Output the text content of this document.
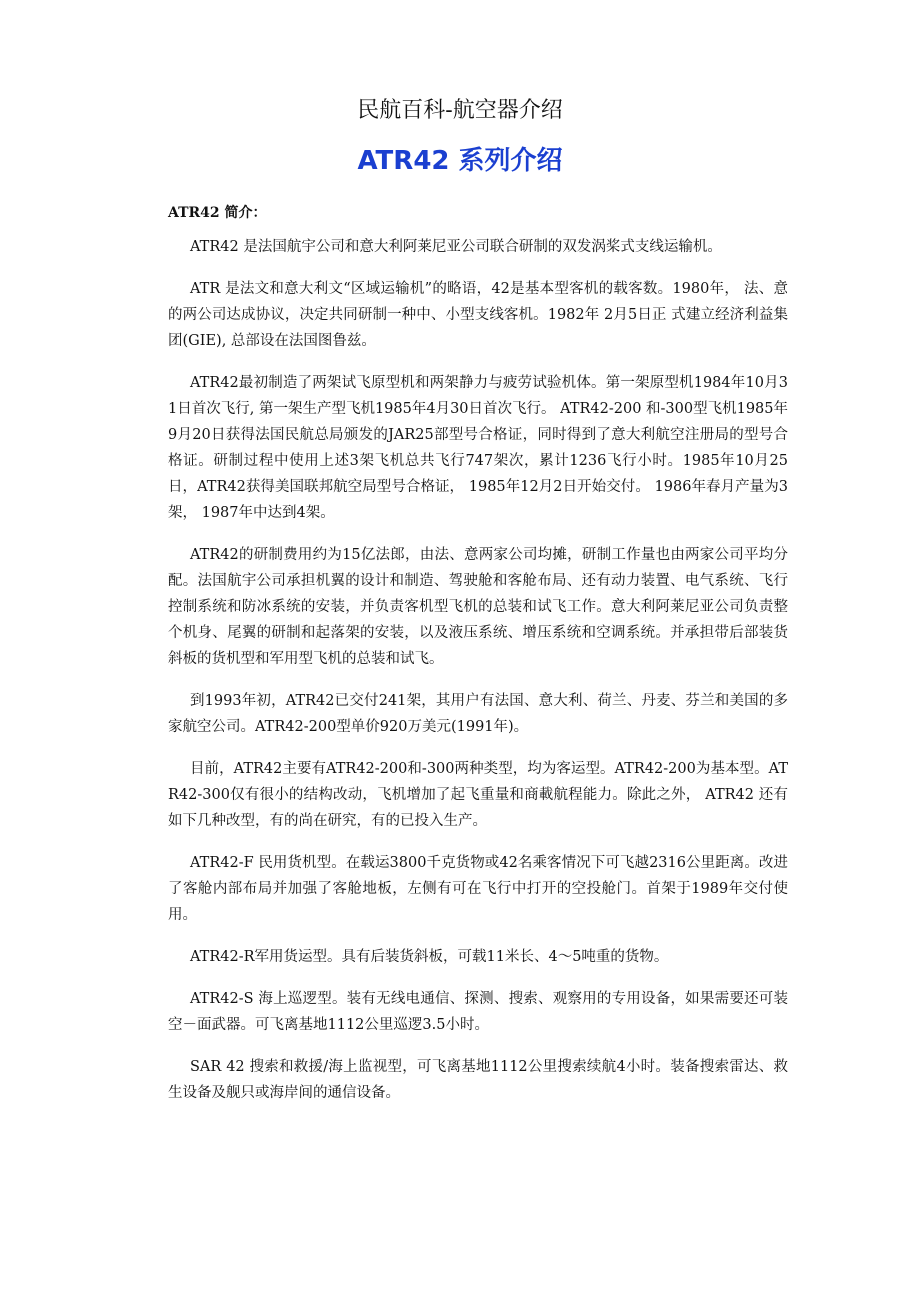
民航百科-航空器介绍
ATR42 系列介绍

ATR42 简介：

ATR42 是法国航宇公司和意大利阿莱尼亚公司联合研制的双发涡桨式支线运输机。

ATR 是法文和意大利文“区域运输机”的略语，42是基本型客机的载客数。1980年， 法、意的两公司达成协议，决定共同研制一种中、小型支线客机。1982年 2月5日正 式建立经济利益集团(GIE), 总部设在法国图鲁兹。

ATR42最初制造了两架试飞原型机和两架静力与疲劳试验机体。第一架原型机1984年10月31日首次飞行, 第一架生产型飞机1985年4月30日首次飞行。 ATR42-200 和-300型飞机1985年9月20日获得法国民航总局颁发的JAR25部型号合格证，同时得到了意大利航空注册局的型号合格证。研制过程中使用上述3架飞机总共飞行747架次，累计1236飞行小时。1985年10月25日，ATR42获得美国联邦航空局型号合格证， 1985年12月2日开始交付。 1986年春月产量为3架， 1987年中达到4架。

ATR42的研制费用约为15亿法郎，由法、意两家公司均摊，研制工作量也由两家公司平均分配。法国航宇公司承担机翼的设计和制造、驾驶舱和客舱布局、还有动力装置、电气系统、飞行控制系统和防冰系统的安装，并负责客机型飞机的总装和试飞工作。意大利阿莱尼亚公司负责整个机身、尾翼的研制和起落架的安装，以及液压系统、增压系统和空调系统。并承担带后部装货斜板的货机型和军用型飞机的总装和试飞。

到1993年初，ATR42已交付241架，其用户有法国、意大利、荷兰、丹麦、芬兰和美国的多家航空公司。ATR42-200型单价920万美元(1991年)。

目前，ATR42主要有ATR42-200和-300两种类型，均为客运型。ATR42-200为基本型。ATR42-300仅有很小的结构改动，飞机增加了起飞重量和商載航程能力。除此之外， ATR42 还有如下几种改型，有的尚在研究，有的已投入生产。

ATR42-F 民用货机型。在载运3800千克货物或42名乘客情况下可飞越2316公里距离。改进了客舱内部布局并加强了客舱地板，左侧有可在飞行中打开的空投舱门。首架于1989年交付使用。

ATR42-R军用货运型。具有后装货斜板，可载11米长、4～5吨重的货物。

ATR42-S 海上巡逻型。装有无线电通信、探测、搜索、观察用的专用设备，如果需要还可装空－面武器。可飞离基地1112公里巡逻3.5小时。

SAR 42 搜索和救援/海上监视型，可飞离基地1112公里搜索续航4小时。装备搜索雷达、救生设备及舰只或海岸间的通信设备。
